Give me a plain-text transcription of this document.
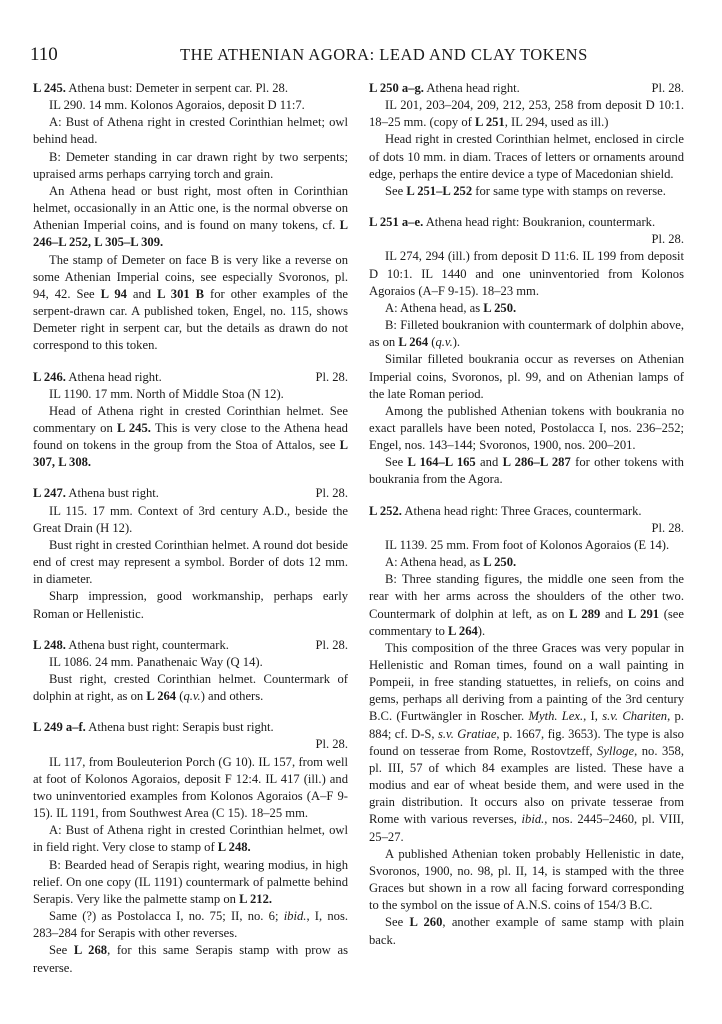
110	THE ATHENIAN AGORA: LEAD AND CLAY TOKENS

L 245. Athena bust: Demeter in serpent car. Pl. 28.

IL 290. 14 mm. Kolonos Agoraios, deposit D 11:7.

A: Bust of Athena right in crested Corinthian helmet; owl behind head.

B: Demeter standing in car drawn right by two serpents; upraised arms perhaps carrying torch and grain.

An Athena head or bust right, most often in Corinthian helmet, occasionally in an Attic one, is the normal obverse on Athenian Imperial coins, and is found on many tokens, cf. L 246–L 252, L 305–L 309.

The stamp of Demeter on face B is very like a reverse on some Athenian Imperial coins, see especially Svoronos, pl. 94, 42. See L 94 and L 301 B for other examples of the serpent-drawn car. A published token, Engel, no. 115, shows Demeter right in serpent car, but the details as drawn do not correspond to this token.

L 246. Athena head right.	Pl. 28.

IL 1190. 17 mm. North of Middle Stoa (N 12).

Head of Athena right in crested Corinthian helmet. See commentary on L 245. This is very close to the Athena head found on tokens in the group from the Stoa of Attalos, see L 307, L 308.

L 247. Athena bust right.	Pl. 28.

IL 115. 17 mm. Context of 3rd century A.D., beside the Great Drain (H 12).

Bust right in crested Corinthian helmet. A round dot beside end of crest may represent a symbol. Border of dots 12 mm. in diameter.

Sharp impression, good workmanship, perhaps early Roman or Hellenistic.

L 248. Athena bust right, countermark.	Pl. 28.

IL 1086. 24 mm. Panathenaic Way (Q 14).

Bust right, crested Corinthian helmet. Countermark of dolphin at right, as on L 264 (q.v.) and others.

L 249 a–f. Athena bust right: Serapis bust right.

Pl. 28.

IL 117, from Bouleuterion Porch (G 10). IL 157, from well at foot of Kolonos Agoraios, deposit F 12:4. IL 417 (ill.) and two uninventoried examples from Kolonos Agoraios (A–F 9-15). IL 1191, from Southwest Area (C 15). 18–25 mm.

A: Bust of Athena right in crested Corinthian helmet, owl in field right. Very close to stamp of L 248.

B: Bearded head of Serapis right, wearing modius, in high relief. On one copy (IL 1191) countermark of palmette behind Serapis. Very like the palmette stamp on L 212.

Same (?) as Postolacca I, no. 75; II, no. 6; ibid., I, nos. 283–284 for Serapis with other reverses.

See L 268, for this same Serapis stamp with prow as reverse.

L 250 a–g. Athena head right.	Pl. 28.

IL 201, 203–204, 209, 212, 253, 258 from deposit D 10:1. 18–25 mm. (copy of L 251, IL 294, used as ill.)

Head right in crested Corinthian helmet, enclosed in circle of dots 10 mm. in diam. Traces of letters or ornaments around edge, perhaps the entire device a type of Macedonian shield.

See L 251–L 252 for same type with stamps on reverse.

L 251 a–e. Athena head right: Boukranion, countermark.

Pl. 28.

IL 274, 294 (ill.) from deposit D 11:6. IL 199 from deposit D 10:1. IL 1440 and one uninventoried from Kolonos Agoraios (A–F 9-15). 18–23 mm.

A: Athena head, as L 250.

B: Filleted boukranion with countermark of dolphin above, as on L 264 (q.v.).

Similar filleted boukrania occur as reverses on Athenian Imperial coins, Svoronos, pl. 99, and on Athenian lamps of the late Roman period.

Among the published Athenian tokens with boukrania no exact parallels have been noted, Postolacca I, nos. 236–252; Engel, nos. 143–144; Svoronos, 1900, nos. 200–201.

See L 164–L 165 and L 286–L 287 for other tokens with boukrania from the Agora.

L 252. Athena head right: Three Graces, countermark.

Pl. 28.

IL 1139. 25 mm. From foot of Kolonos Agoraios (E 14).

A: Athena head, as L 250.

B: Three standing figures, the middle one seen from the rear with her arms across the shoulders of the other two. Countermark of dolphin at left, as on L 289 and L 291 (see commentary to L 264).

This composition of the three Graces was very popular in Hellenistic and Roman times, found on a wall painting in Pompeii, in free standing statuettes, in reliefs, on coins and gems, perhaps all deriving from a painting of the 3rd century B.C. (Furtwängler in Roscher. Myth. Lex., I, s.v. Chariten, p. 884; cf. D-S, s.v. Gratiae, p. 1667, fig. 3653). The type is also found on tesserae from Rome, Rostovtzeff, Sylloge, no. 358, pl. III, 57 of which 84 examples are listed. These have a modius and ear of wheat beside them, and were used in the grain distribution. It occurs also on private tesserae from Rome with various reverses, ibid., nos. 2445–2460, pl. VIII, 25–27.

A published Athenian token probably Hellenistic in date, Svoronos, 1900, no. 98, pl. II, 14, is stamped with the three Graces but shown in a row all facing forward corresponding to the symbol on the issue of A.N.S. coins of 154/3 B.C.

See L 260, another example of same stamp with plain back.
